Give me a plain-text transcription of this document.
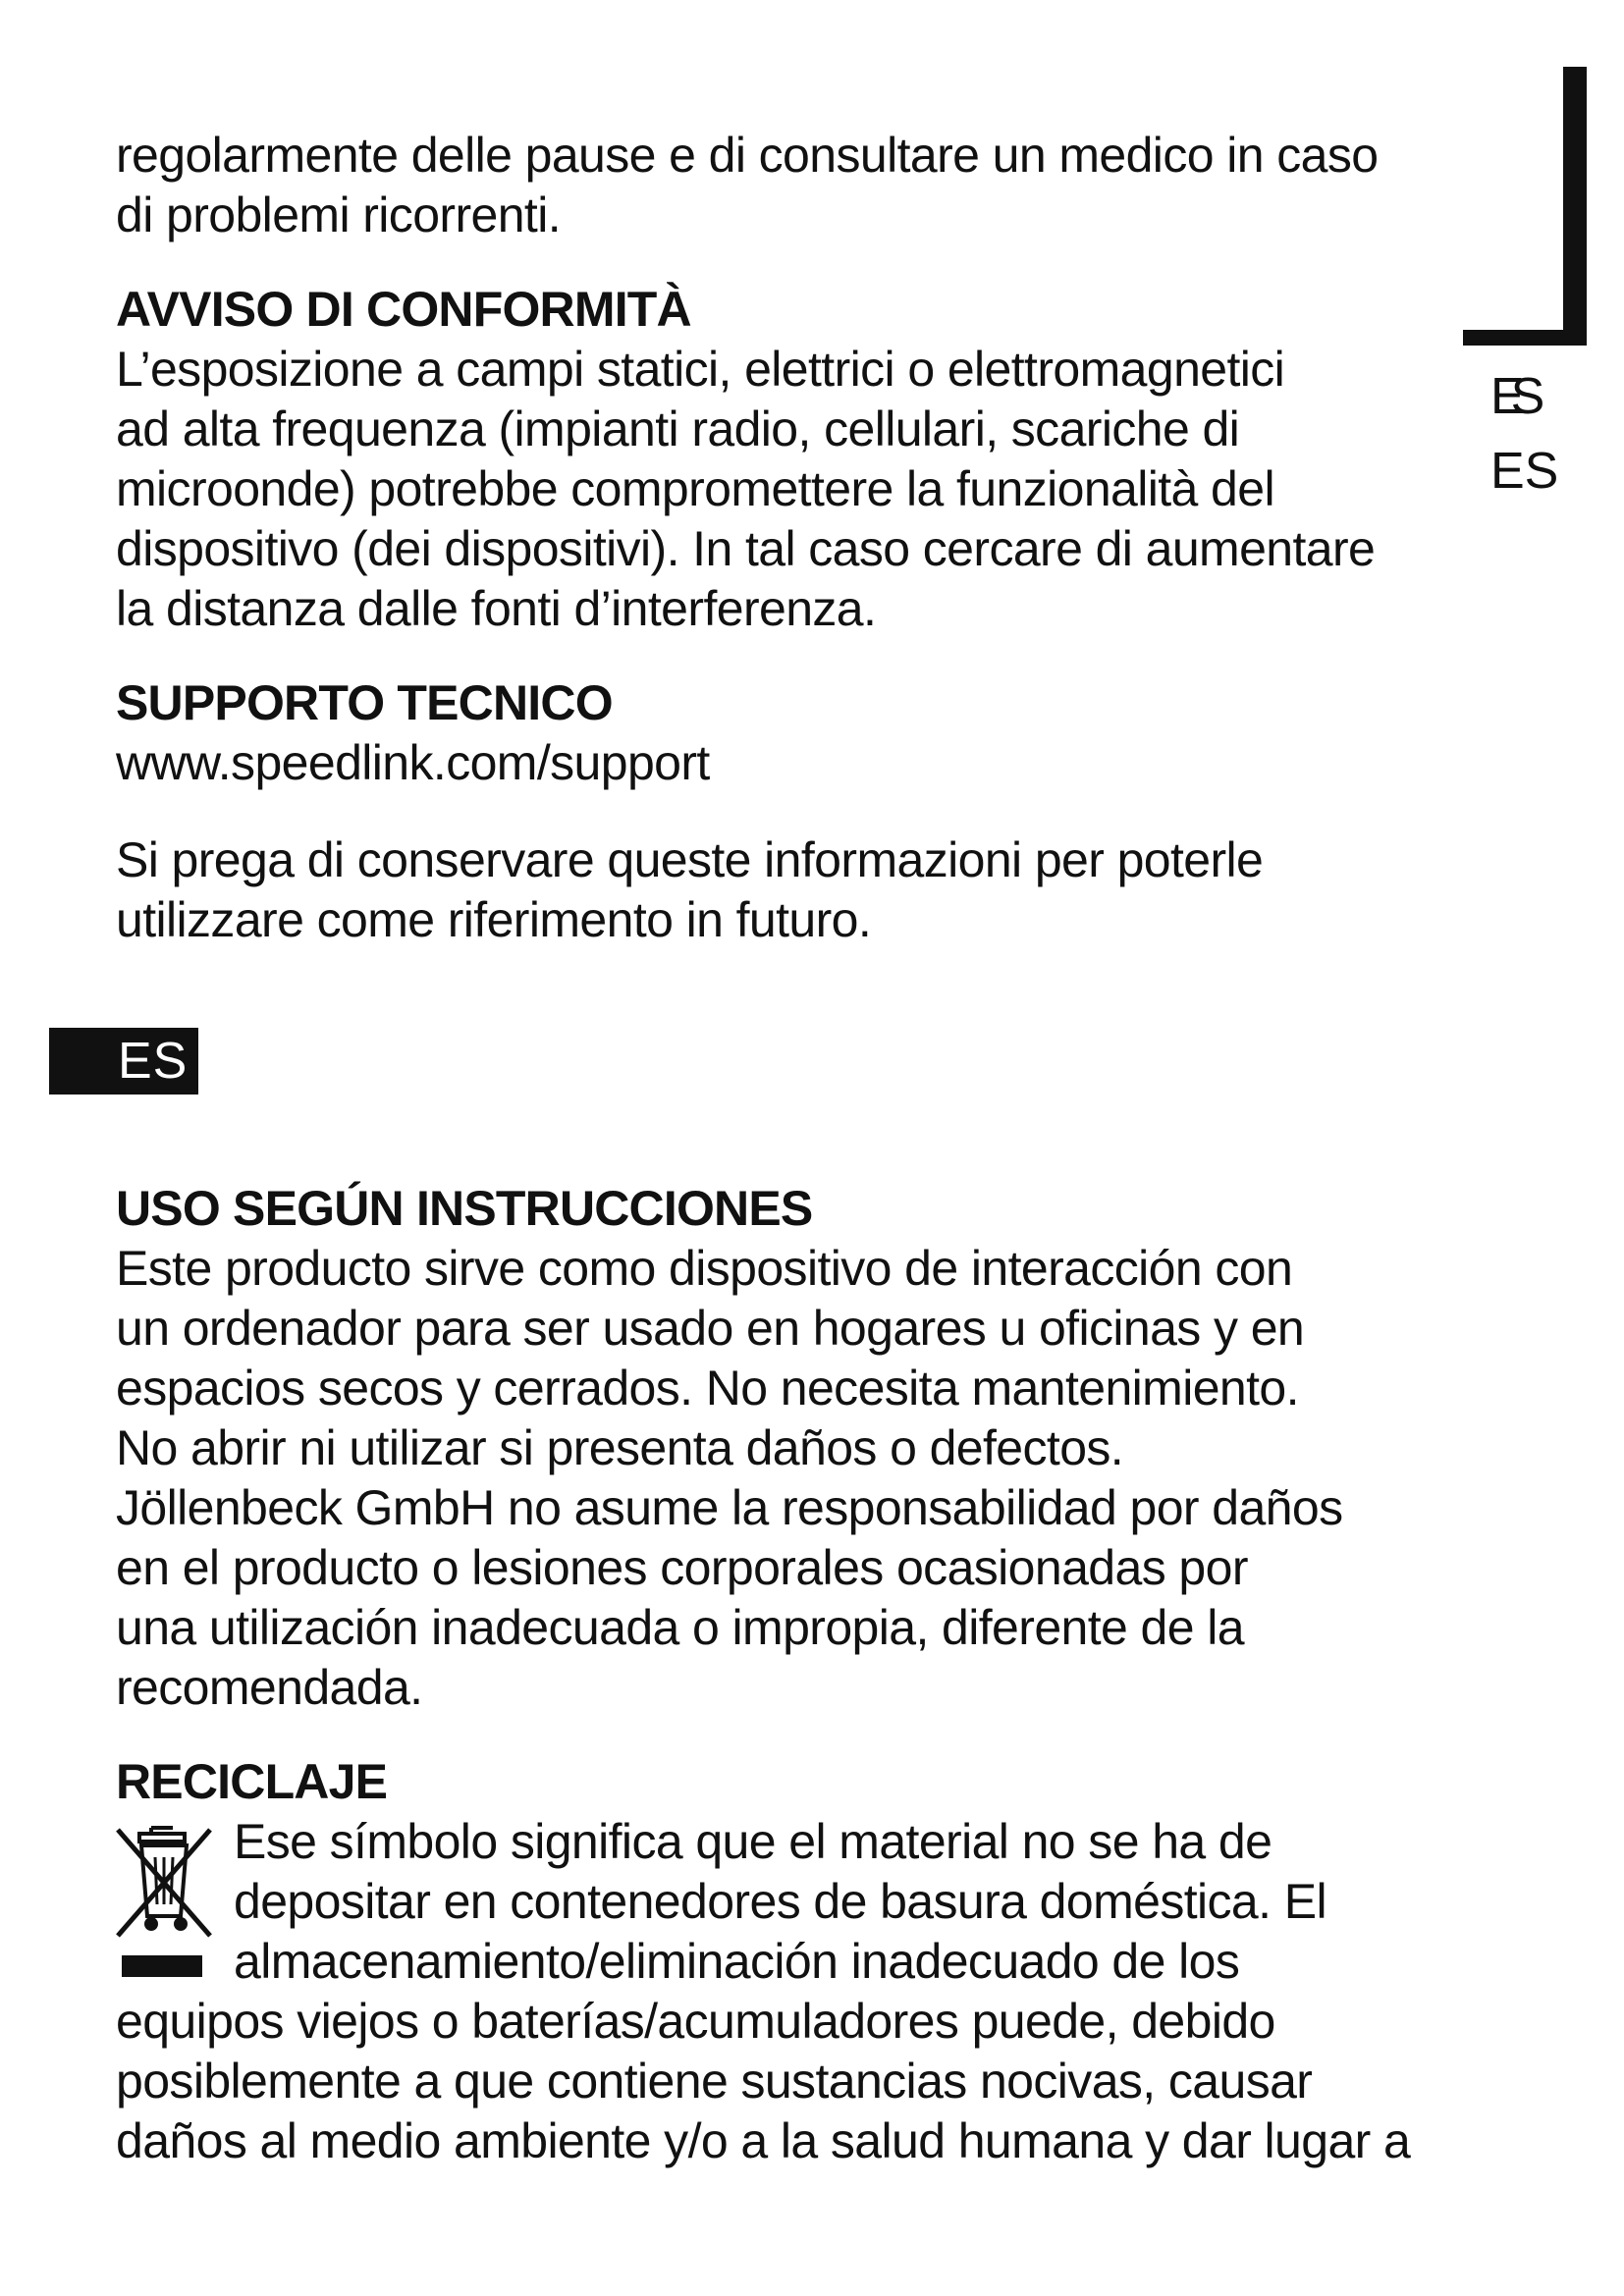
ES
ES
ES

regolarmente delle pause e di consultare un medico in caso

di problemi ricorrenti.

AVVISO DI CONFORMITÀ

L’esposizione a campi statici, elettrici o elettromagnetici

ad alta frequenza (impianti radio, cellulari, scariche di

microonde) potrebbe compromettere la funzionalità del

dispositivo (dei dispositivi). In tal caso cercare di aumentare

la distanza dalle fonti d’interferenza.

SUPPORTO TECNICO

www.speedlink.com/support

Si prega di conservare queste informazioni per poterle

utilizzare come riferimento in futuro.

USO SEGÚN INSTRUCCIONES

Este producto sirve como dispositivo de interacción con

un ordenador para ser usado en hogares u oficinas y en

espacios secos y cerrados. No necesita mantenimiento.

No abrir ni utilizar si presenta daños o defectos.

Jöllenbeck GmbH no asume la responsabilidad por daños

en el producto o lesiones corporales ocasionadas por

una utilización inadecuada o impropia, diferente de la

recomendada.

RECICLAJE

Ese símbolo significa que el material no se ha de

depositar en contenedores de basura doméstica. El

almacenamiento/eliminación inadecuado de los

equipos viejos o baterías/acumuladores puede, debido

posiblemente a que contiene sustancias nocivas, causar

daños al medio ambiente y/o a la salud humana y dar lugar a
